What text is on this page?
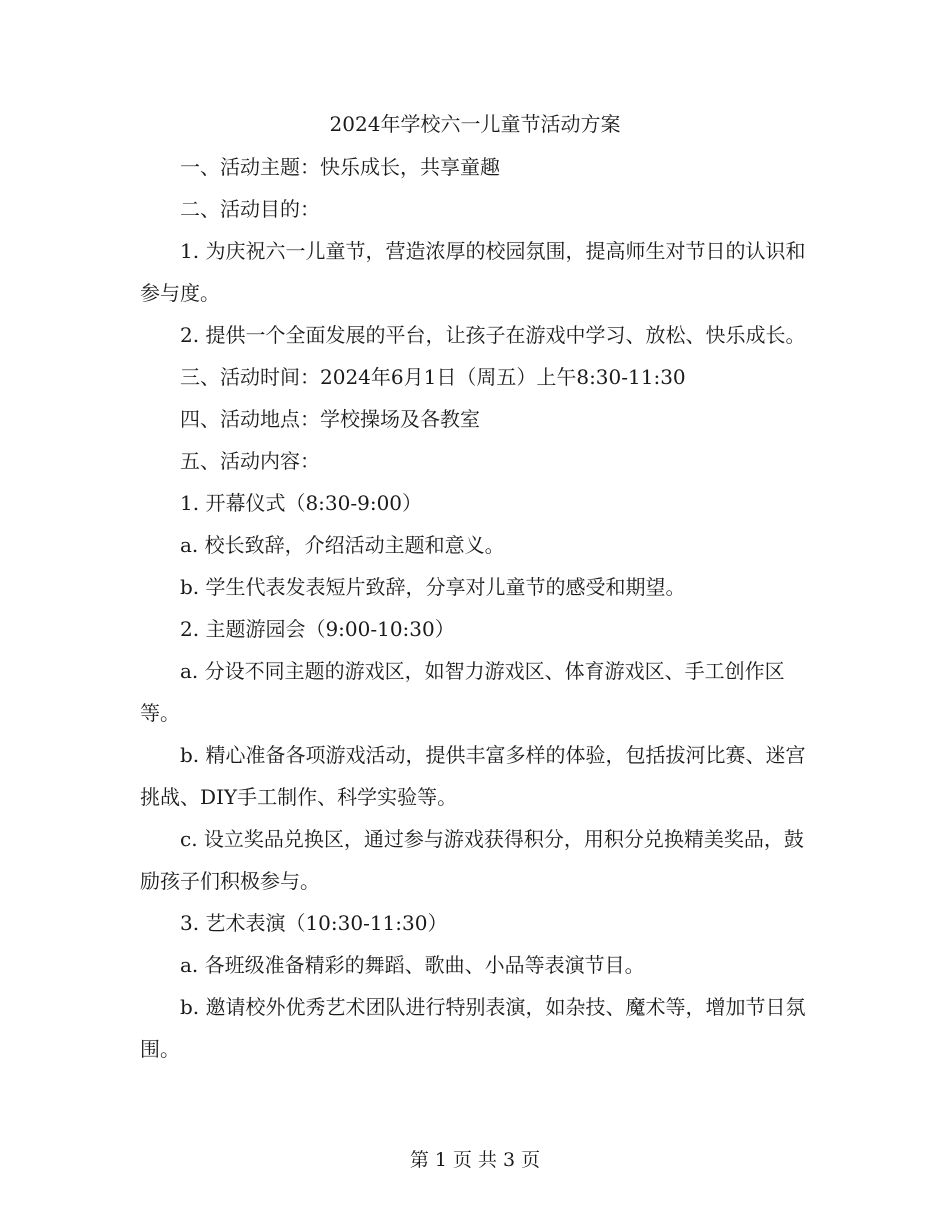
2024年学校六一儿童节活动方案

一、活动主题：快乐成长，共享童趣

二、活动目的：

1. 为庆祝六一儿童节，营造浓厚的校园氛围，提高师生对节日的认识和参与度。

2. 提供一个全面发展的平台，让孩子在游戏中学习、放松、快乐成长。

三、活动时间：2024年6月1日（周五）上午8:30-11:30

四、活动地点：学校操场及各教室

五、活动内容：

1. 开幕仪式（8:30-9:00）

a. 校长致辞，介绍活动主题和意义。

b. 学生代表发表短片致辞，分享对儿童节的感受和期望。

2. 主题游园会（9:00-10:30）

a. 分设不同主题的游戏区，如智力游戏区、体育游戏区、手工创作区等。

b. 精心准备各项游戏活动，提供丰富多样的体验，包括拔河比赛、迷宫挑战、DIY手工制作、科学实验等。

c. 设立奖品兑换区，通过参与游戏获得积分，用积分兑换精美奖品，鼓励孩子们积极参与。

3. 艺术表演（10:30-11:30）

a. 各班级准备精彩的舞蹈、歌曲、小品等表演节目。

b. 邀请校外优秀艺术团队进行特别表演，如杂技、魔术等，增加节日氛围。

第 1 页 共 3 页
